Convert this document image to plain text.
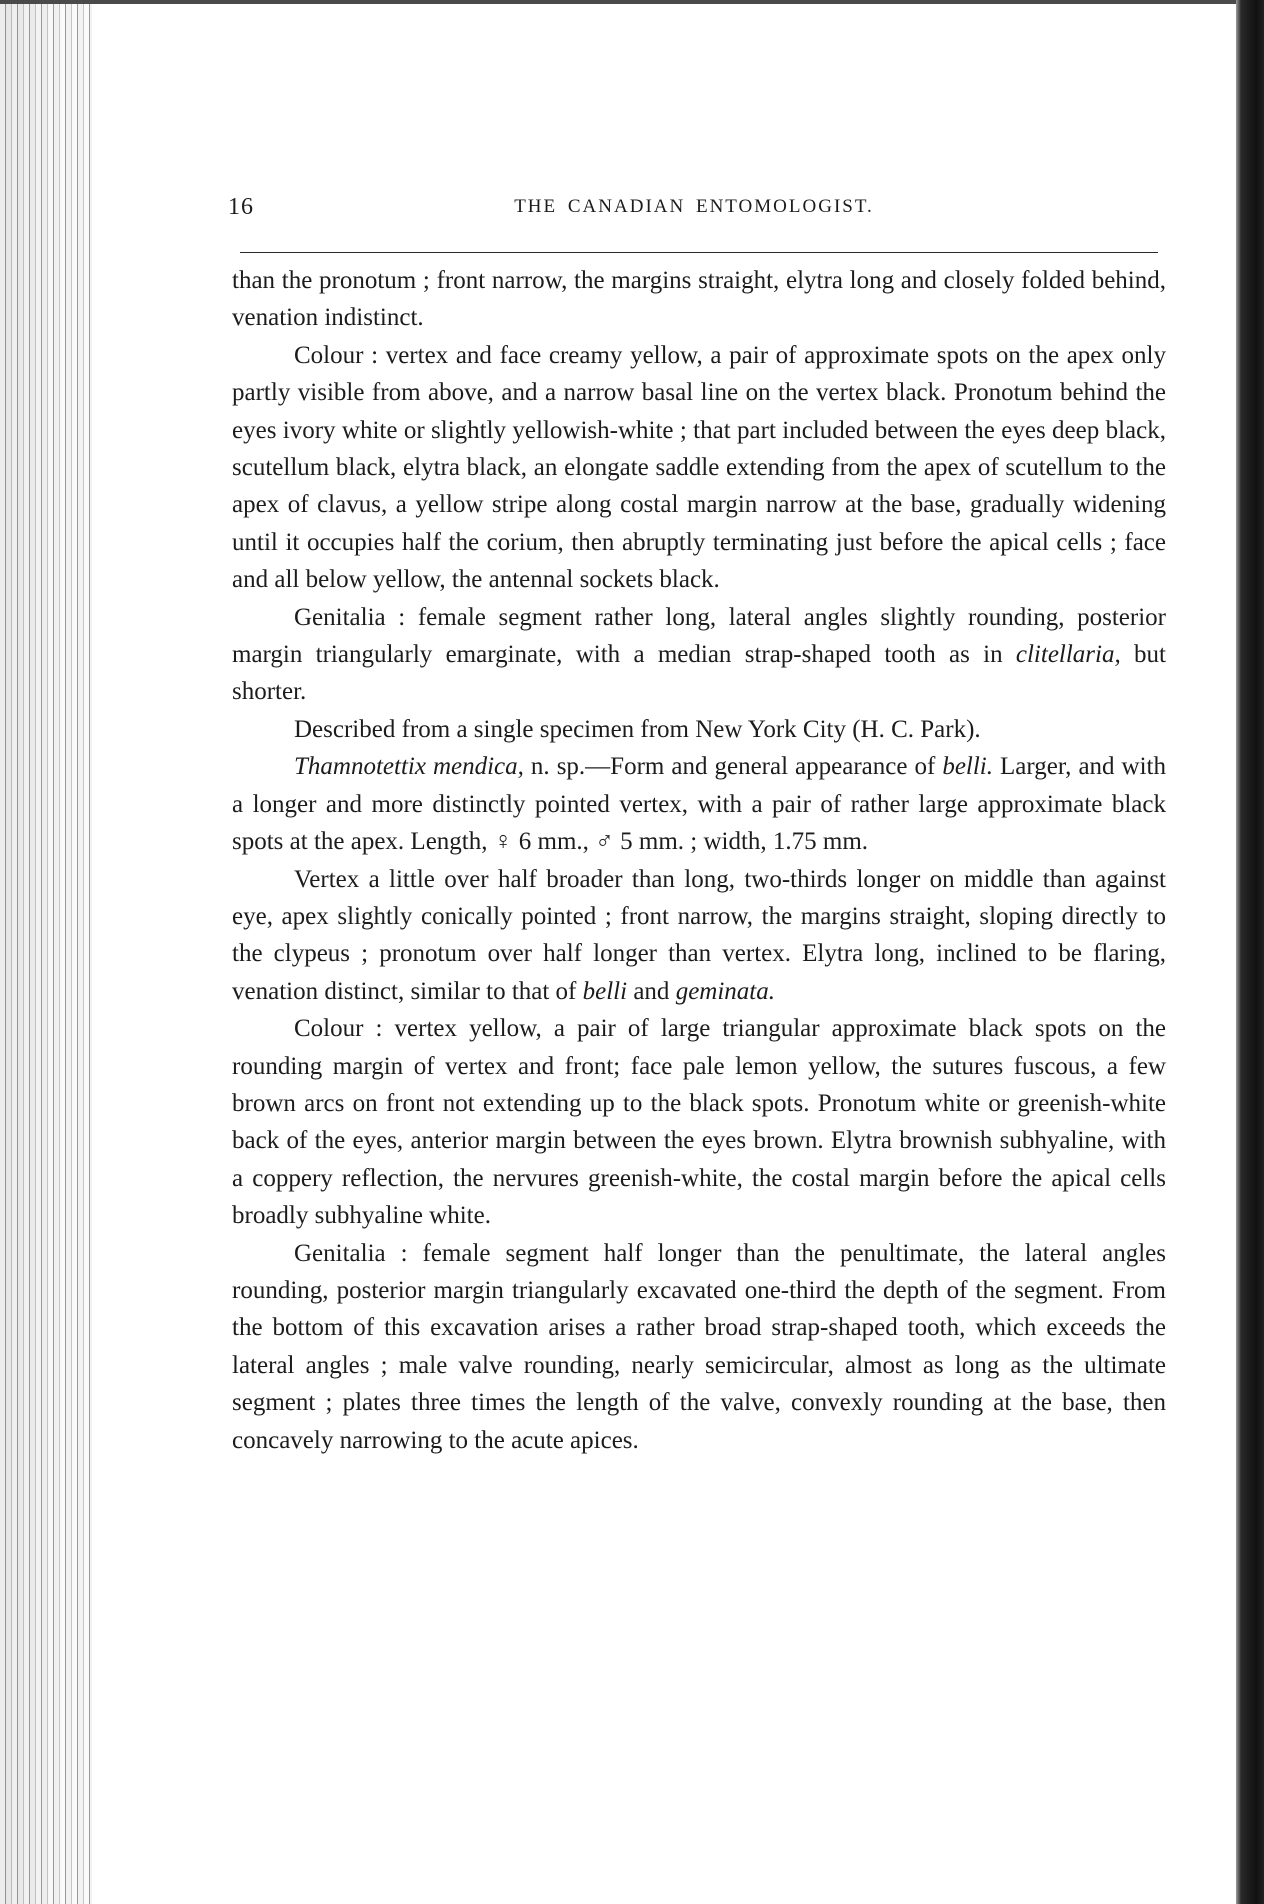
16	THE CANADIAN ENTOMOLOGIST.

than the pronotum ; front narrow, the margins straight, elytra long and closely folded behind, venation indistinct.

Colour : vertex and face creamy yellow, a pair of approximate spots on the apex only partly visible from above, and a narrow basal line on the vertex black. Pronotum behind the eyes ivory white or slightly yellowish-white ; that part included between the eyes deep black, scutellum black, elytra black, an elongate saddle extending from the apex of scutellum to the apex of clavus, a yellow stripe along costal margin narrow at the base, gradually widening until it occupies half the corium, then abruptly terminating just before the apical cells ; face and all below yellow, the antennal sockets black.

Genitalia : female segment rather long, lateral angles slightly rounding, posterior margin triangularly emarginate, with a median strap-shaped tooth as in clitellaria, but shorter.

Described from a single specimen from New York City (H. C. Park).

Thamnotettix mendica, n. sp.—Form and general appearance of belli. Larger, and with a longer and more distinctly pointed vertex, with a pair of rather large approximate black spots at the apex. Length, ♀ 6 mm., ♂ 5 mm. ; width, 1.75 mm.

Vertex a little over half broader than long, two-thirds longer on middle than against eye, apex slightly conically pointed ; front narrow, the margins straight, sloping directly to the clypeus ; pronotum over half longer than vertex. Elytra long, inclined to be flaring, venation distinct, similar to that of belli and geminata.

Colour : vertex yellow, a pair of large triangular approximate black spots on the rounding margin of vertex and front; face pale lemon yellow, the sutures fuscous, a few brown arcs on front not extending up to the black spots. Pronotum white or greenish-white back of the eyes, anterior margin between the eyes brown. Elytra brownish subhyaline, with a coppery reflection, the nervures greenish-white, the costal margin before the apical cells broadly subhyaline white.

Genitalia : female segment half longer than the penultimate, the lateral angles rounding, posterior margin triangularly excavated one-third the depth of the segment. From the bottom of this excavation arises a rather broad strap-shaped tooth, which exceeds the lateral angles ; male valve rounding, nearly semicircular, almost as long as the ultimate segment ; plates three times the length of the valve, convexly rounding at the base, then concavely narrowing to the acute apices.
